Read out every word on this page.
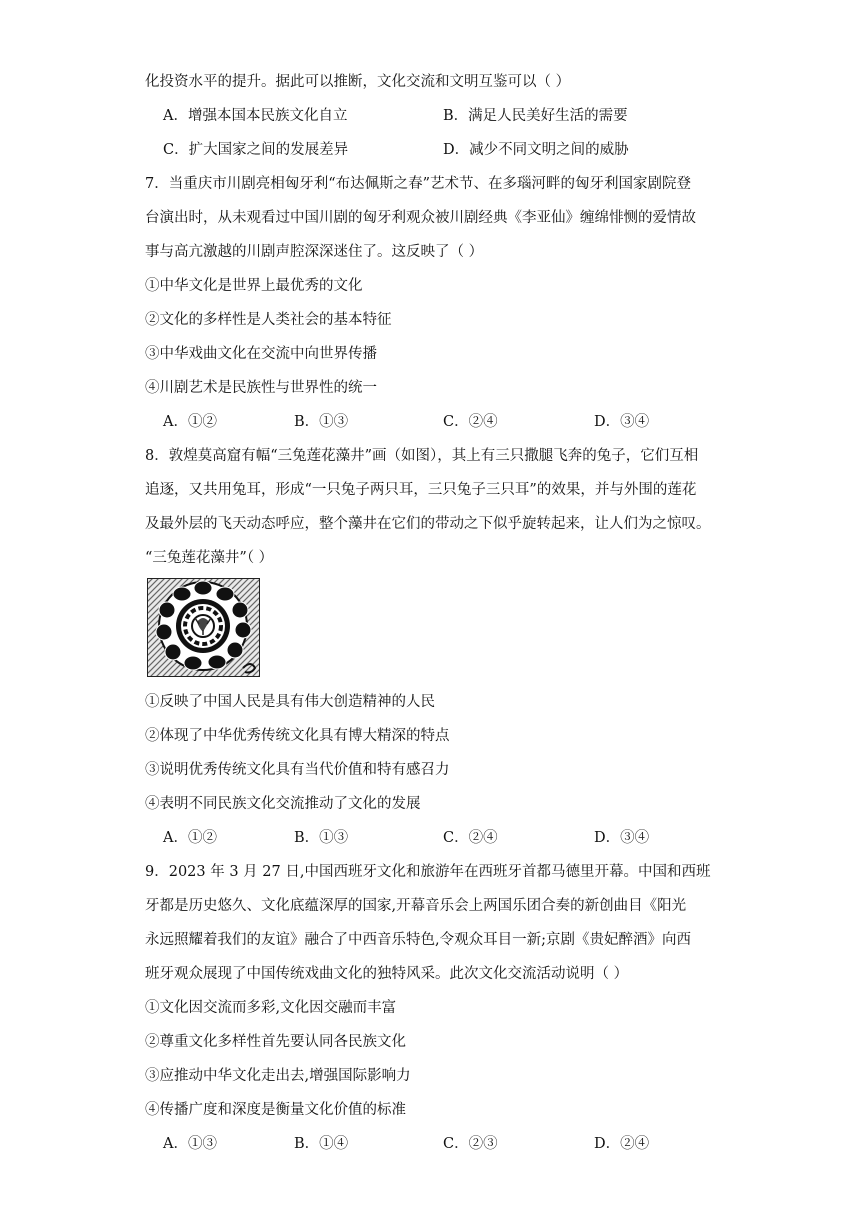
化投资水平的提升。据此可以推断，文化交流和文明互鉴可以（ ）
A．增强本国本民族文化自立	B．满足人民美好生活的需要
C．扩大国家之间的发展差异	D．减少不同文明之间的威胁
7．当重庆市川剧亮相匈牙利“布达佩斯之春”艺术节、在多瑙河畔的匈牙利国家剧院登
台演出时，从未观看过中国川剧的匈牙利观众被川剧经典《李亚仙》缠绵悱恻的爱情故
事与高亢激越的川剧声腔深深迷住了。这反映了（ ）
①中华文化是世界上最优秀的文化
②文化的多样性是人类社会的基本特征
③中华戏曲文化在交流中向世界传播
④川剧艺术是民族性与世界性的统一
A．①②	B．①③	C．②④	D．③④
8．敦煌莫高窟有幅“三兔莲花藻井”画（如图），其上有三只撒腿飞奔的兔子，它们互相
追逐，又共用兔耳，形成“一只兔子两只耳，三只兔子三只耳”的效果，并与外围的莲花
及最外层的飞天动态呼应，整个藻井在它们的带动之下似乎旋转起来，让人们为之惊叹。
“三兔莲花藻井”（ ）
①反映了中国人民是具有伟大创造精神的人民
②体现了中华优秀传统文化具有博大精深的特点
③说明优秀传统文化具有当代价值和特有感召力
④表明不同民族文化交流推动了文化的发展
A．①②	B．①③	C．②④	D．③④
9．2023 年 3 月 27 日,中国西班牙文化和旅游年在西班牙首都马德里开幕。中国和西班
牙都是历史悠久、文化底蕴深厚的国家,开幕音乐会上两国乐团合奏的新创曲目《阳光
永远照耀着我们的友谊》融合了中西音乐特色,令观众耳目一新;京剧《贵妃醉酒》向西
班牙观众展现了中国传统戏曲文化的独特风采。此次文化交流活动说明（ ）
①文化因交流而多彩,文化因交融而丰富
②尊重文化多样性首先要认同各民族文化
③应推动中华文化走出去,增强国际影响力
④传播广度和深度是衡量文化价值的标准
A．①③	B．①④	C．②③	D．②④
